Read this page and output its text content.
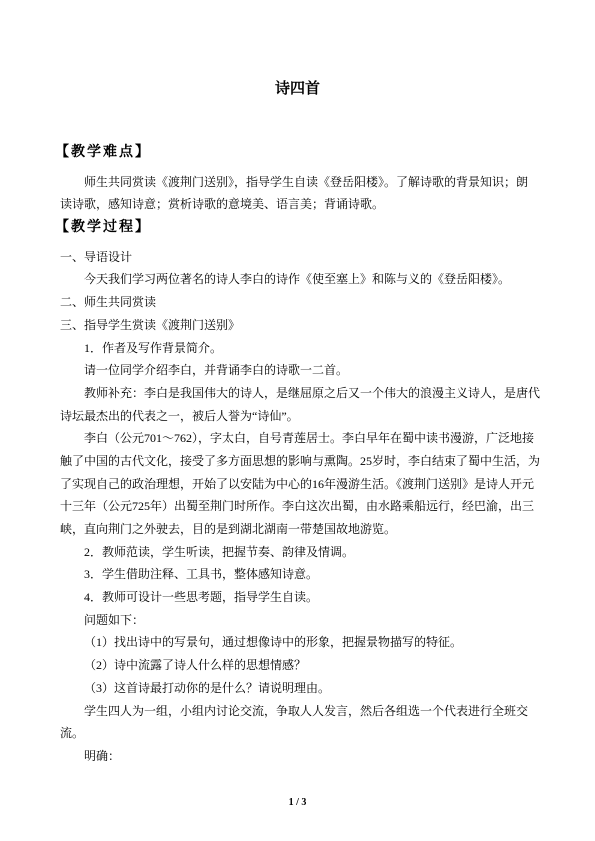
诗四首
【教学难点】
师生共同赏读《渡荆门送别》，指导学生自读《登岳阳楼》。了解诗歌的背景知识；朗
读诗歌，感知诗意；赏析诗歌的意境美、语言美；背诵诗歌。
【教学过程】
一、导语设计
今天我们学习两位著名的诗人李白的诗作《使至塞上》和陈与义的《登岳阳楼》。
二、师生共同赏读
三、指导学生赏读《渡荆门送别》
1．作者及写作背景简介。
请一位同学介绍李白，并背诵李白的诗歌一二首。
教师补充：李白是我国伟大的诗人，是继屈原之后又一个伟大的浪漫主义诗人，是唐代
诗坛最杰出的代表之一，被后人誉为“诗仙”。
李白（公元701～762），字太白，自号青莲居士。李白早年在蜀中读书漫游，广泛地接
触了中国的古代文化，接受了多方面思想的影响与熏陶。25岁时，李白结束了蜀中生活，为
了实现自己的政治理想，开始了以安陆为中心的16年漫游生活。《渡荆门送别》是诗人开元
十三年（公元725年）出蜀至荆门时所作。李白这次出蜀，由水路乘船远行，经巴渝，出三
峡，直向荆门之外驶去，目的是到湖北湖南一带楚国故地游览。
2．教师范读，学生听读，把握节奏、韵律及情调。
3．学生借助注释、工具书，整体感知诗意。
4．教师可设计一些思考题，指导学生自读。
问题如下：
（1）找出诗中的写景句，通过想像诗中的形象，把握景物描写的特征。
（2）诗中流露了诗人什么样的思想情感？
（3）这首诗最打动你的是什么？请说明理由。
学生四人为一组，小组内讨论交流，争取人人发言，然后各组选一个代表进行全班交
流。
明确：
1 / 3
